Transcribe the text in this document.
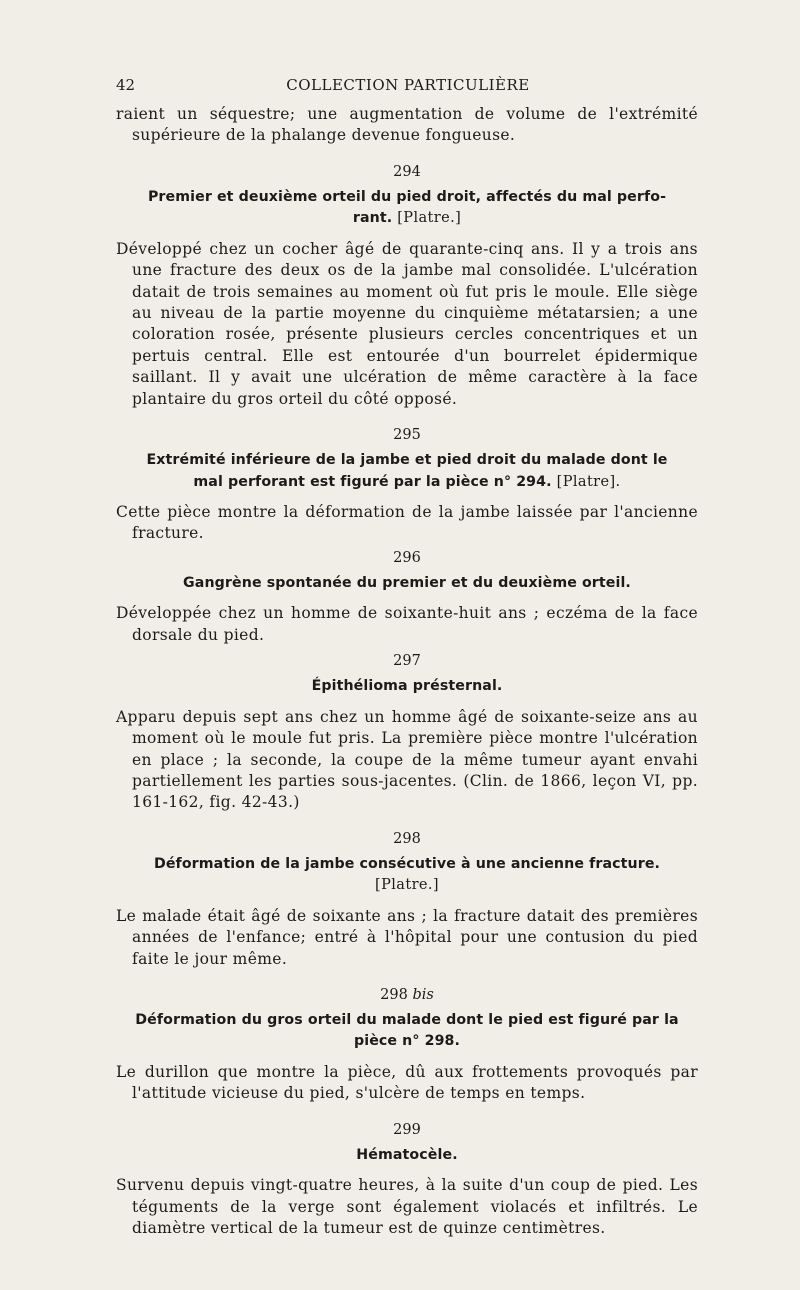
42	COLLECTION PARTICULIÈRE

raient un séquestre; une augmentation de volume de l'extrémité supérieure de la phalange devenue fongueuse.

294
Premier et deuxième orteil du pied droit, affectés du mal perfo-
rant. [Platre.]

Développé chez un cocher âgé de quarante-cinq ans. Il y a trois ans une fracture des deux os de la jambe mal consolidée. L'ulcération datait de trois semaines au moment où fut pris le moule. Elle siège au niveau de la partie moyenne du cinquième métatarsien; a une coloration rosée, présente plusieurs cercles concentriques et un pertuis central. Elle est entourée d'un bourrelet épidermique saillant. Il y avait une ulcération de même caractère à la face plantaire du gros orteil du côté opposé.

295
Extrémité inférieure de la jambe et pied droit du malade dont le
mal perforant est figuré par la pièce n° 294. [Platre].

Cette pièce montre la déformation de la jambe laissée par l'ancienne fracture.

296
Gangrène spontanée du premier et du deuxième orteil.

Développée chez un homme de soixante-huit ans ; eczéma de la face dorsale du pied.

297
Épithélioma présternal.

Apparu depuis sept ans chez un homme âgé de soixante-seize ans au moment où le moule fut pris. La première pièce montre l'ulcération en place ; la seconde, la coupe de la même tumeur ayant envahi partiellement les parties sous-jacentes. (Clin. de 1866, leçon VI, pp. 161-162, fig. 42-43.)

298
Déformation de la jambe consécutive à une ancienne fracture.
[Platre.]

Le malade était âgé de soixante ans ; la fracture datait des premières années de l'enfance; entré à l'hôpital pour une contusion du pied faite le jour même.

298 bis
Déformation du gros orteil du malade dont le pied est figuré par la
pièce n° 298.

Le durillon que montre la pièce, dû aux frottements provoqués par l'attitude vicieuse du pied, s'ulcère de temps en temps.

299
Hématocèle.

Survenu depuis vingt-quatre heures, à la suite d'un coup de pied. Les téguments de la verge sont également violacés et infiltrés. Le diamètre vertical de la tumeur est de quinze centimètres.
